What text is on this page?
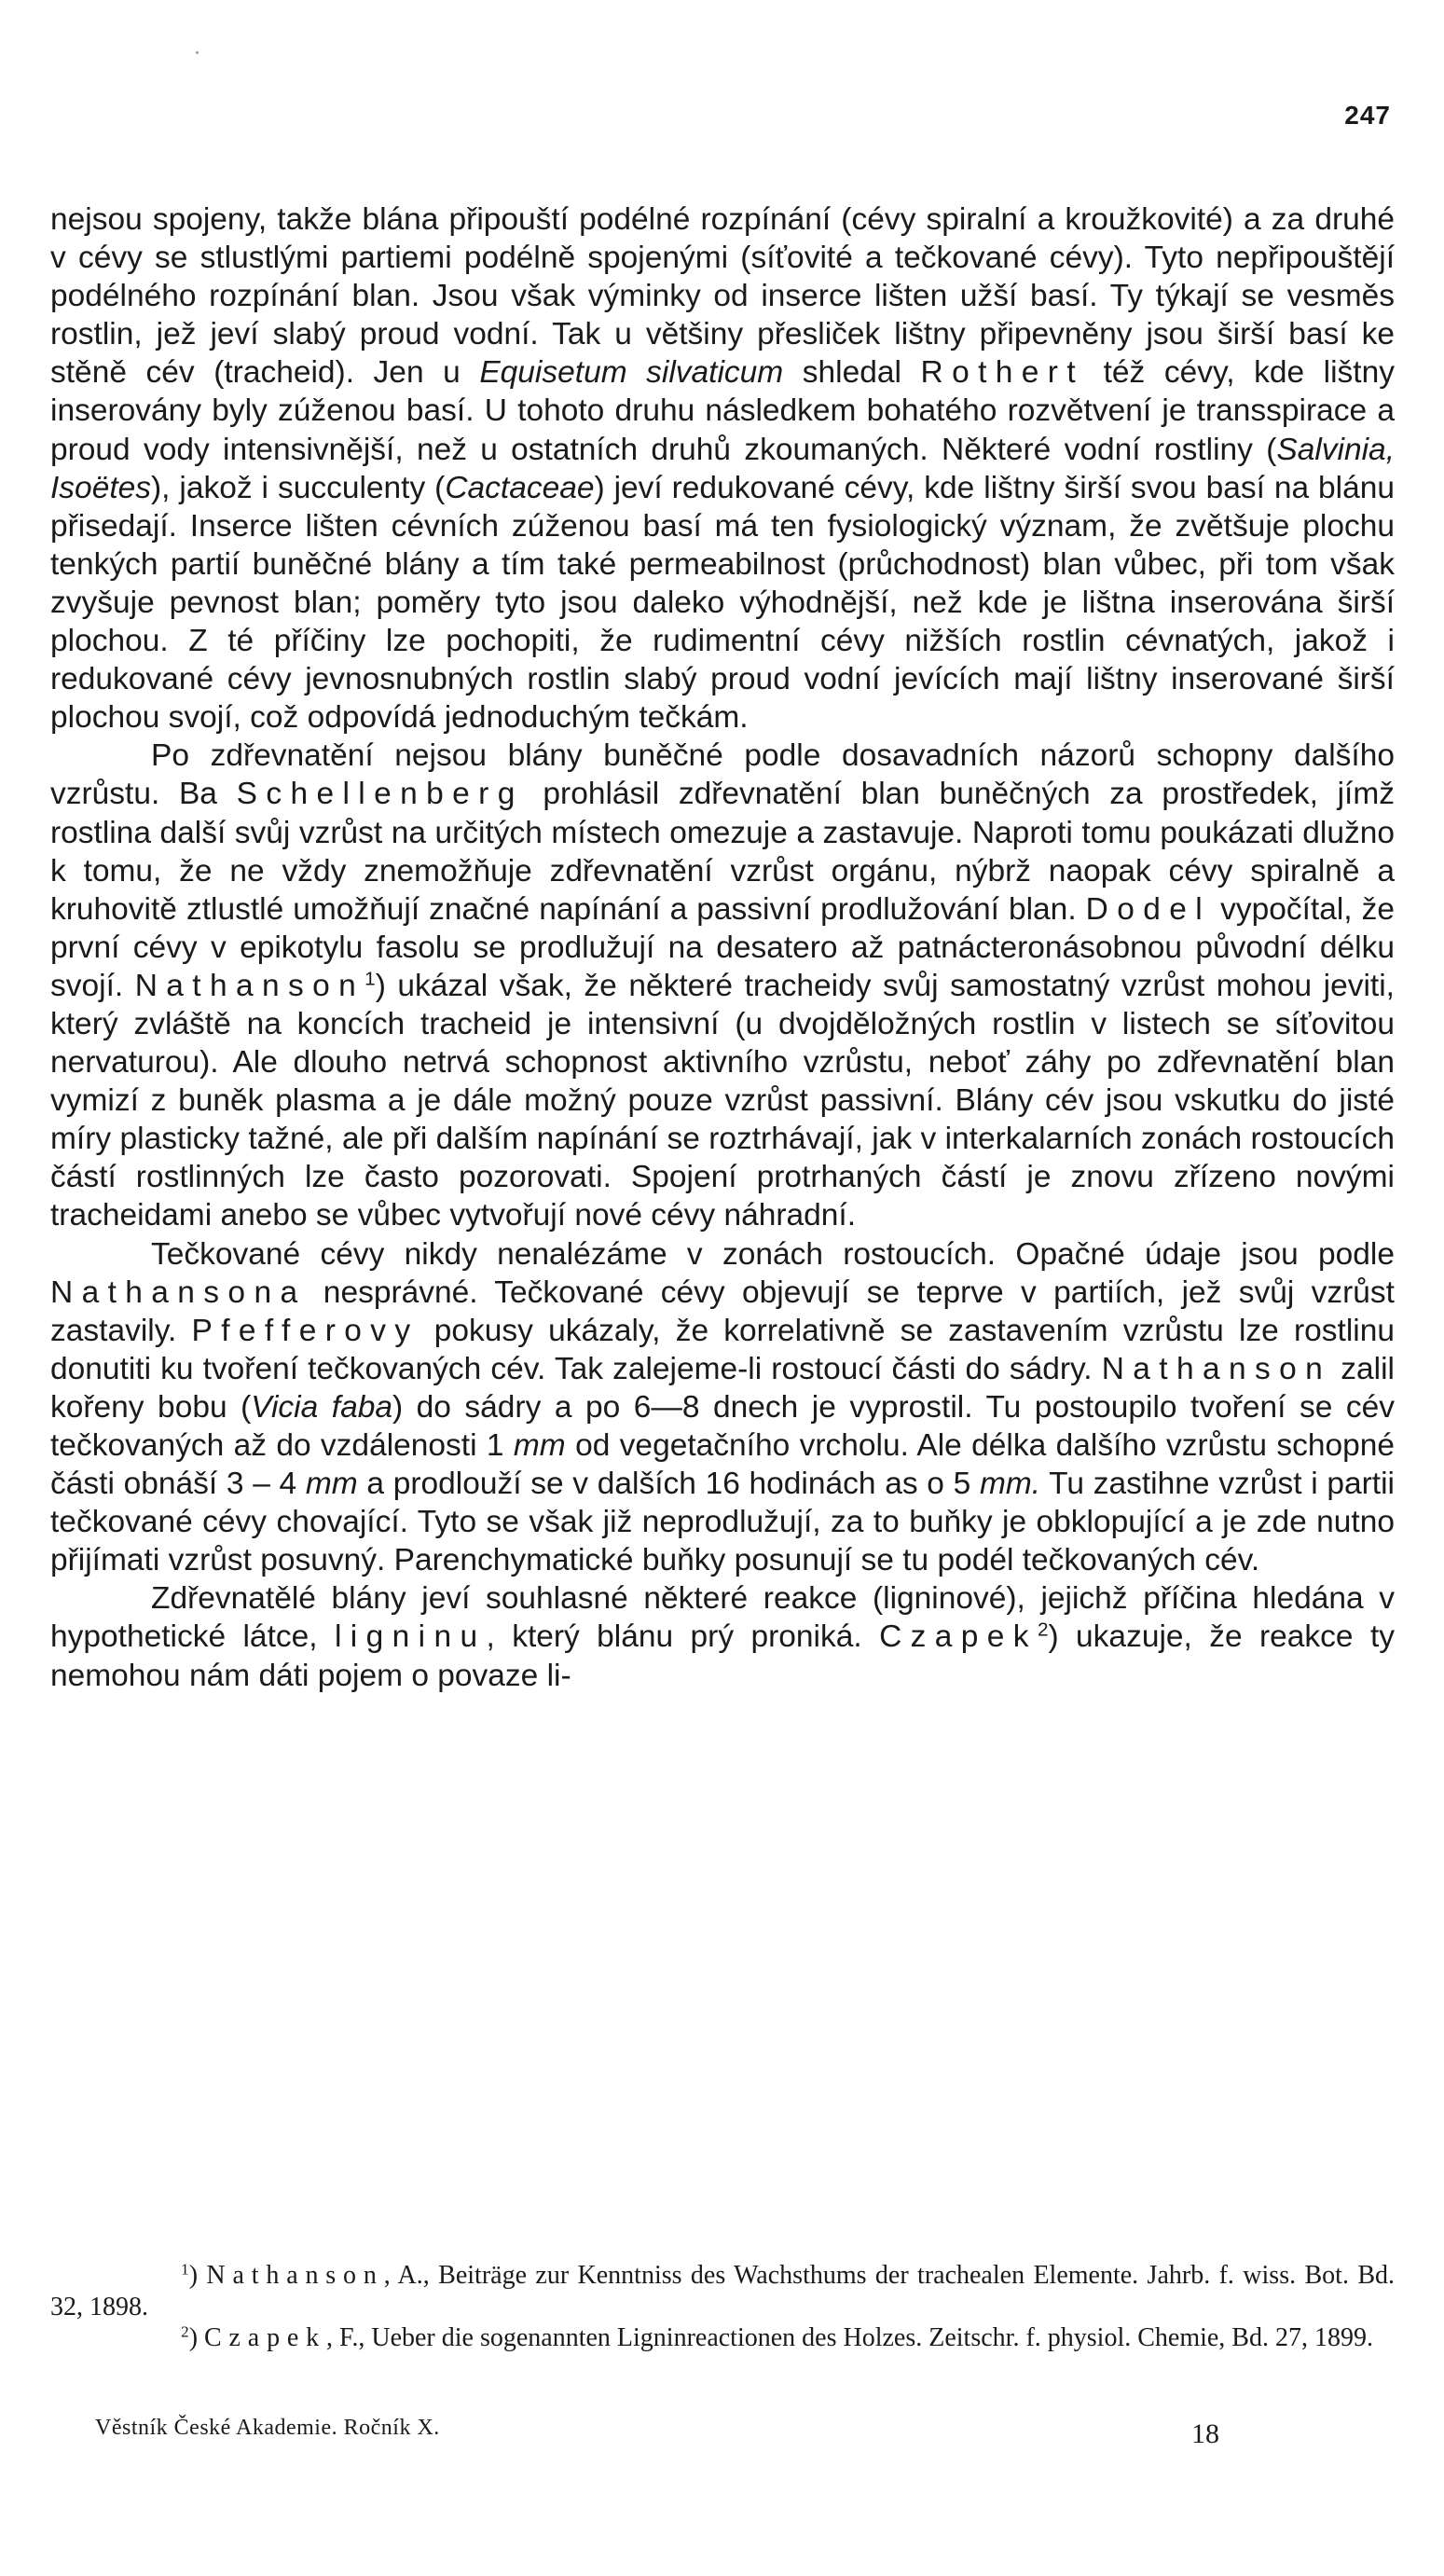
247

nejsou spojeny, takže blána připouští podélné rozpínání (cévy spiralní a kroužkovité) a za druhé v cévy se stlustlými partiemi podélně spojenými (síťovité a tečkované cévy). Tyto nepřipouštějí podélného rozpínání blan. Jsou však výminky od inserce lišten užší basí. Ty týkají se vesměs rostlin, jež jeví slabý proud vodní. Tak u většiny přesliček lištny připevněny jsou širší basí ke stěně cév (tracheid). Jen u Equisetum silvaticum shledal Rothert též cévy, kde lištny inserovány byly zúženou basí. U tohoto druhu následkem bohatého rozvětvení je transspirace a proud vody intensivnější, než u ostatních druhů zkoumaných. Některé vodní rostliny (Salvinia, Isoëtes), jakož i succulenty (Cactaceae) jeví redukované cévy, kde lištny širší svou basí na blánu přisedají. Inserce lišten cévních zúženou basí má ten fysiologický význam, že zvětšuje plochu tenkých partií buněčné blány a tím také permeabilnost (průchodnost) blan vůbec, při tom však zvyšuje pevnost blan; poměry tyto jsou daleko výhodnější, než kde je lištna inserována širší plochou. Z té příčiny lze pochopiti, že rudimentní cévy nižších rostlin cévnatých, jakož i redukované cévy jevnosnubných rostlin slabý proud vodní jevících mají lištny inserované širší plochou svojí, což odpovídá jednoduchým tečkám.

Po zdřevnatění nejsou blány buněčné podle dosavadních názorů schopny dalšího vzrůstu. Ba Schellenberg prohlásil zdřevnatění blan buněčných za prostředek, jímž rostlina další svůj vzrůst na určitých místech omezuje a zastavuje. Naproti tomu poukázati dlužno k tomu, že ne vždy znemožňuje zdřevnatění vzrůst orgánu, nýbrž naopak cévy spiralně a kruhovitě ztlustlé umožňují značné napínání a passivní prodlužování blan. Dodel vypočítal, že první cévy v epikotylu fasolu se prodlužují na desatero až patnácteronásobnou původní délku svojí. Nathanson$^1$) ukázal však, že některé tracheidy svůj samostatný vzrůst mohou jeviti, který zvláště na koncích tracheid je intensivní (u dvojděložných rostlin v listech se síťovitou nervaturou). Ale dlouho netrvá schopnost aktivního vzrůstu, neboť záhy po zdřevnatění blan vymizí z buněk plasma a je dále možný pouze vzrůst passivní. Blány cév jsou vskutku do jisté míry plasticky tažné, ale při dalším napínání se roztrhávají, jak v interkalarních zonách rostoucích částí rostlinných lze často pozorovati. Spojení protrhaných částí je znovu zřízeno novými tracheidami anebo se vůbec vytvořují nové cévy náhradní.

Tečkované cévy nikdy nenalézáme v zonách rostoucích. Opačné údaje jsou podle Nathansona nesprávné. Tečkované cévy objevují se teprve v partiích, jež svůj vzrůst zastavily. Pfefferovy pokusy ukázaly, že korrelativně se zastavením vzrůstu lze rostlinu donutiti ku tvoření tečkovaných cév. Tak zalejeme-li rostoucí části do sádry. Nathanson zalil kořeny bobu (Vicia faba) do sádry a po 6—8 dnech je vyprostil. Tu postoupilo tvoření se cév tečkovaných až do vzdálenosti 1 mm od vegetačního vrcholu. Ale délka dalšího vzrůstu schopné části obnáší 3 – 4 mm a prodlouží se v dalších 16 hodinách as o 5 mm. Tu zastihne vzrůst i partii tečkované cévy chovající. Tyto se však již neprodlužují, za to buňky je obklopující a je zde nutno přijímati vzrůst posuvný. Parenchymatické buňky posunují se tu podél tečkovaných cév.

Zdřevnatělé blány jeví souhlasné některé reakce (ligninové), jejichž příčina hledána v hypothetické látce, ligninu, který blánu prý proniká. Czapek$^2$) ukazuje, že reakce ty nemohou nám dáti pojem o povaze li-

$^1$) Nathanson, A., Beiträge zur Kenntniss des Wachsthums der trachealen Elemente. Jahrb. f. wiss. Bot. Bd. 32, 1898.

$^2$) Czapek, F., Ueber die sogenannten Ligninreactionen des Holzes. Zeitschr. f. physiol. Chemie, Bd. 27, 1899.

Věstník České Akademie. Ročník X.	18
